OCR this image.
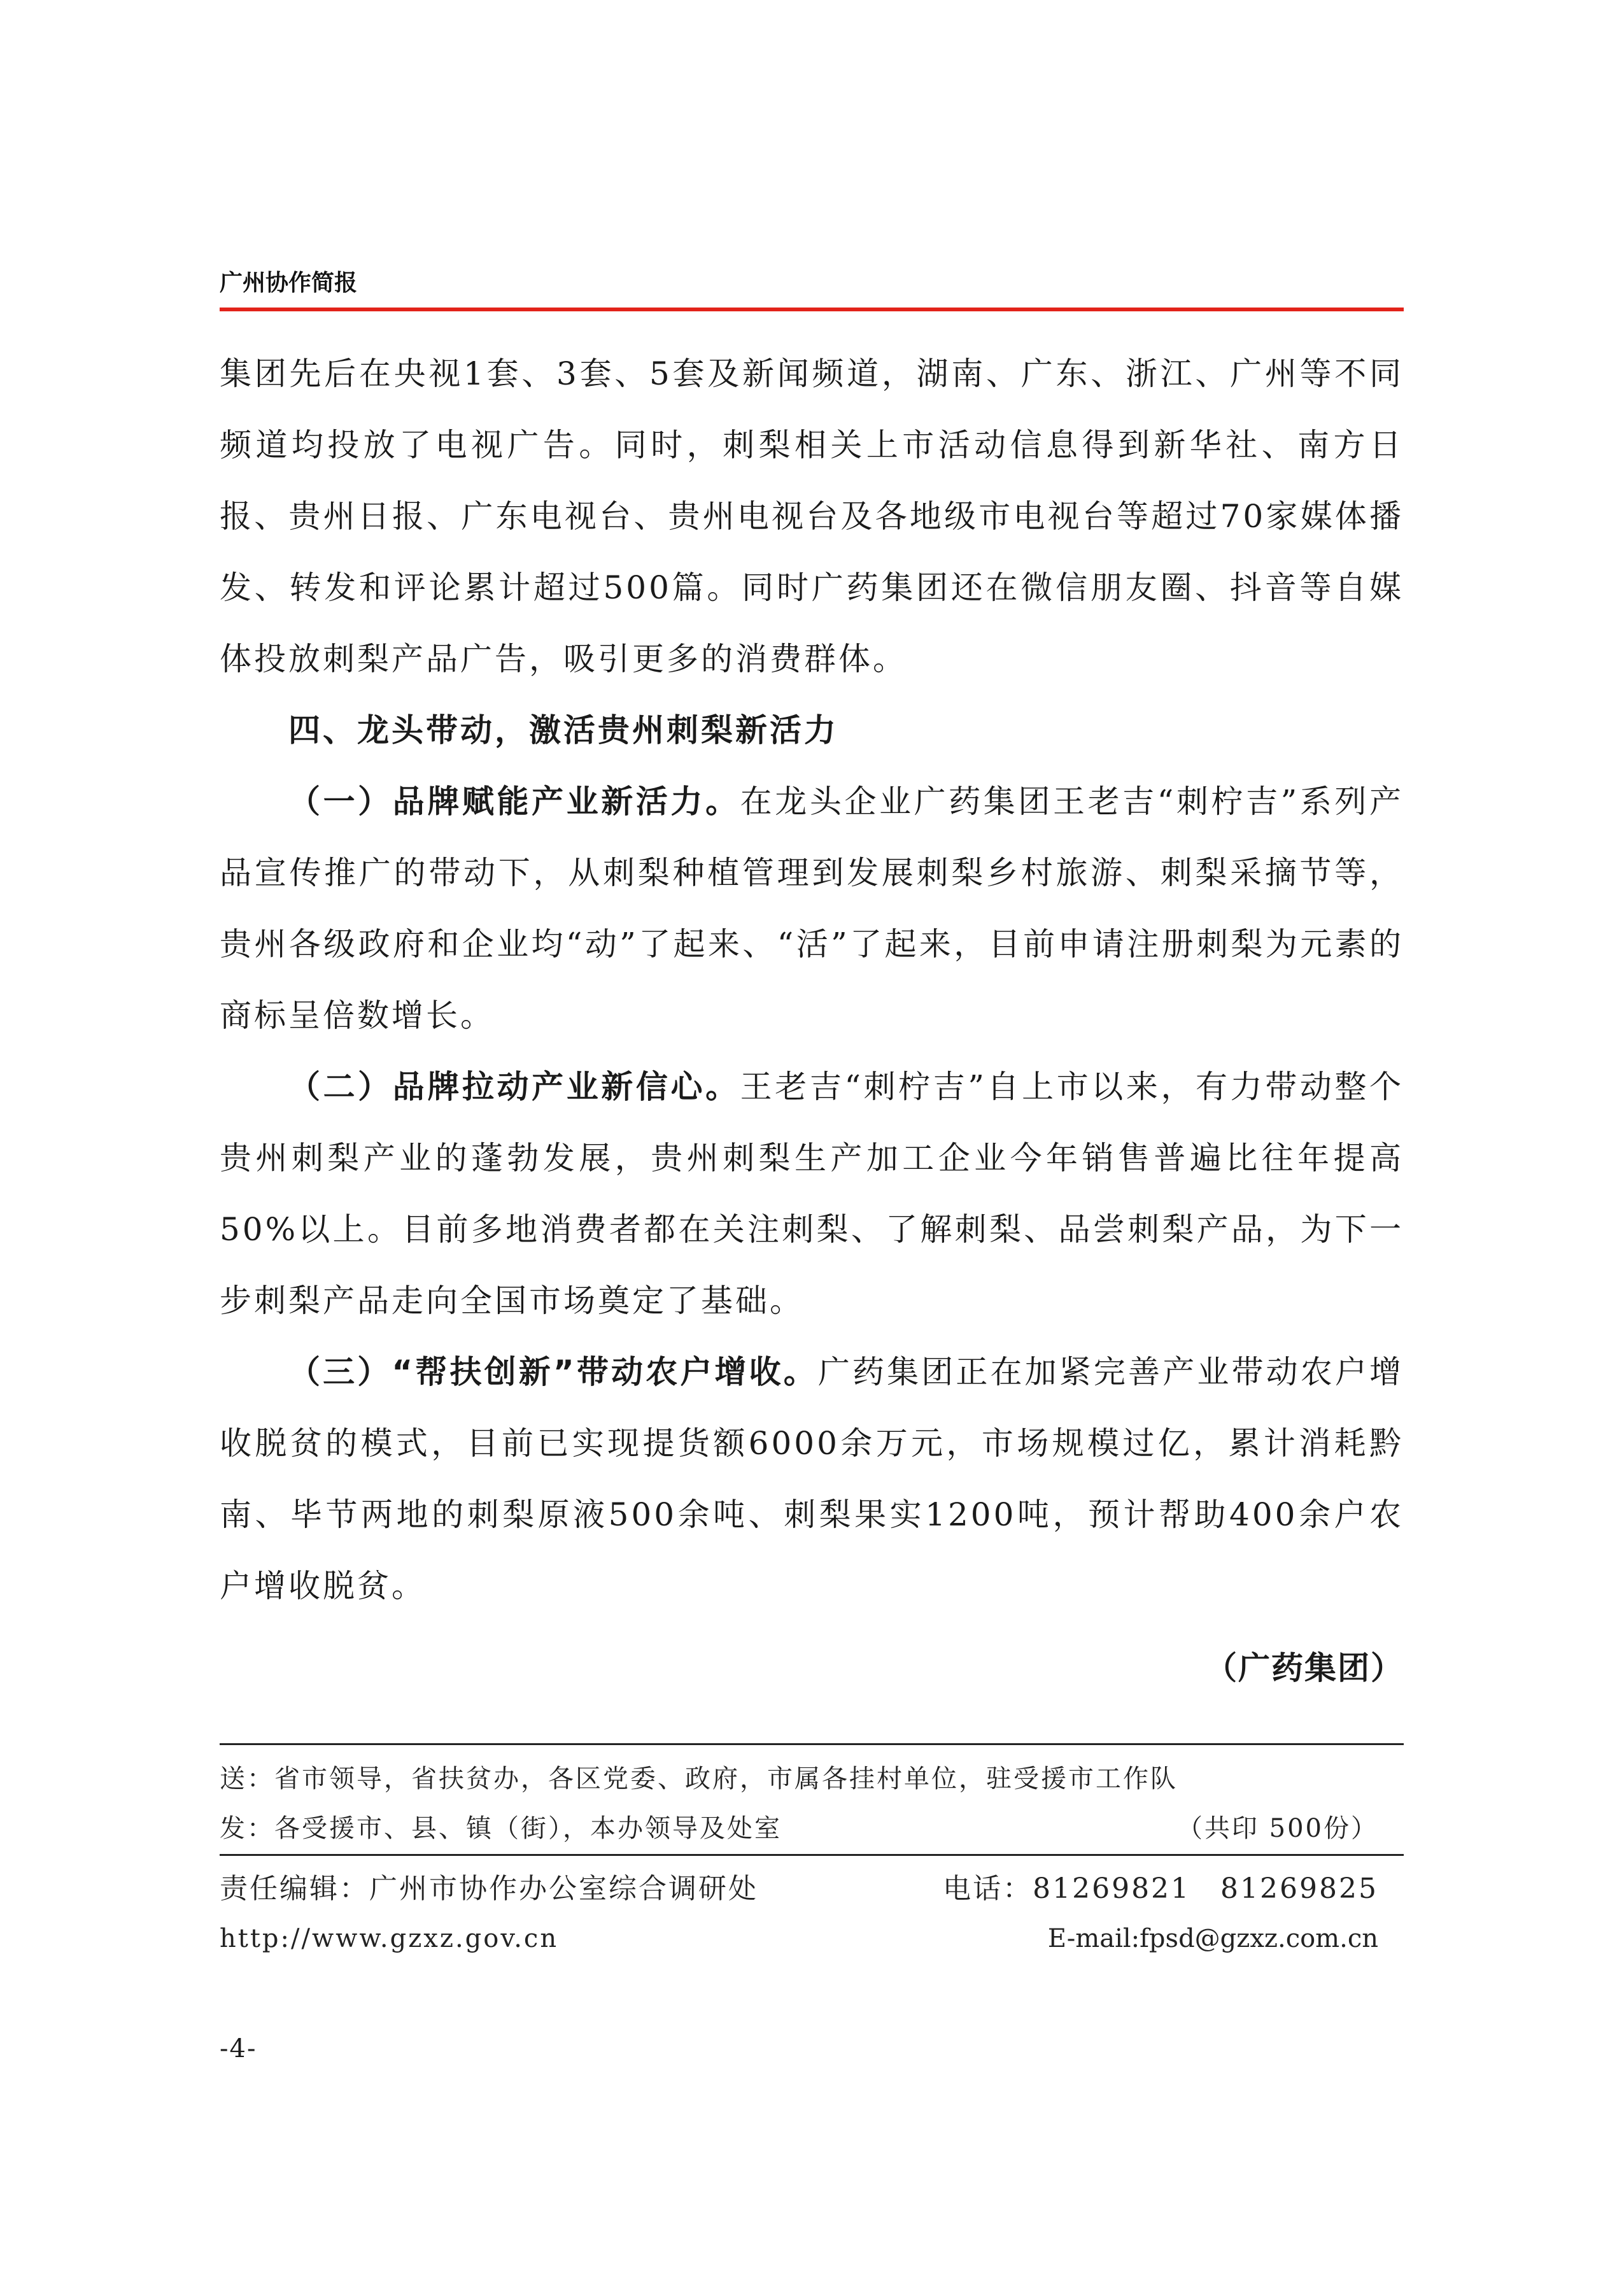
广州协作简报

集团先后在央视1套、3套、5套及新闻频道，湖南、广东、浙江、广州等不同频道均投放了电视广告。同时，刺梨相关上市活动信息得到新华社、南方日报、贵州日报、广东电视台、贵州电视台及各地级市电视台等超过70家媒体播发、转发和评论累计超过500篇。同时广药集团还在微信朋友圈、抖音等自媒体投放刺梨产品广告，吸引更多的消费群体。

四、龙头带动，激活贵州刺梨新活力

（一）品牌赋能产业新活力。在龙头企业广药集团王老吉“刺柠吉”系列产品宣传推广的带动下，从刺梨种植管理到发展刺梨乡村旅游、刺梨采摘节等，贵州各级政府和企业均“动”了起来、“活”了起来，目前申请注册刺梨为元素的商标呈倍数增长。

（二）品牌拉动产业新信心。王老吉“刺柠吉”自上市以来，有力带动整个贵州刺梨产业的蓬勃发展，贵州刺梨生产加工企业今年销售普遍比往年提高50%以上。目前多地消费者都在关注刺梨、了解刺梨、品尝刺梨产品，为下一步刺梨产品走向全国市场奠定了基础。

（三）“帮扶创新”带动农户增收。广药集团正在加紧完善产业带动农户增收脱贫的模式，目前已实现提货额6000余万元，市场规模过亿，累计消耗黔南、毕节两地的刺梨原液500余吨、刺梨果实1200吨，预计帮助400余户农户增收脱贫。

（广药集团）
送：省市领导，省扶贫办，各区党委、政府，市属各挂村单位，驻受援市工作队
发：各受援市、县、镇（街），本办领导及处室	（共印 500份）
责任编辑：广州市协作办公室综合调研处	电话：81269821　81269825
http://www.gzxz.gov.cn	E-mail:fpsd@gzxz.com.cn
-4-
